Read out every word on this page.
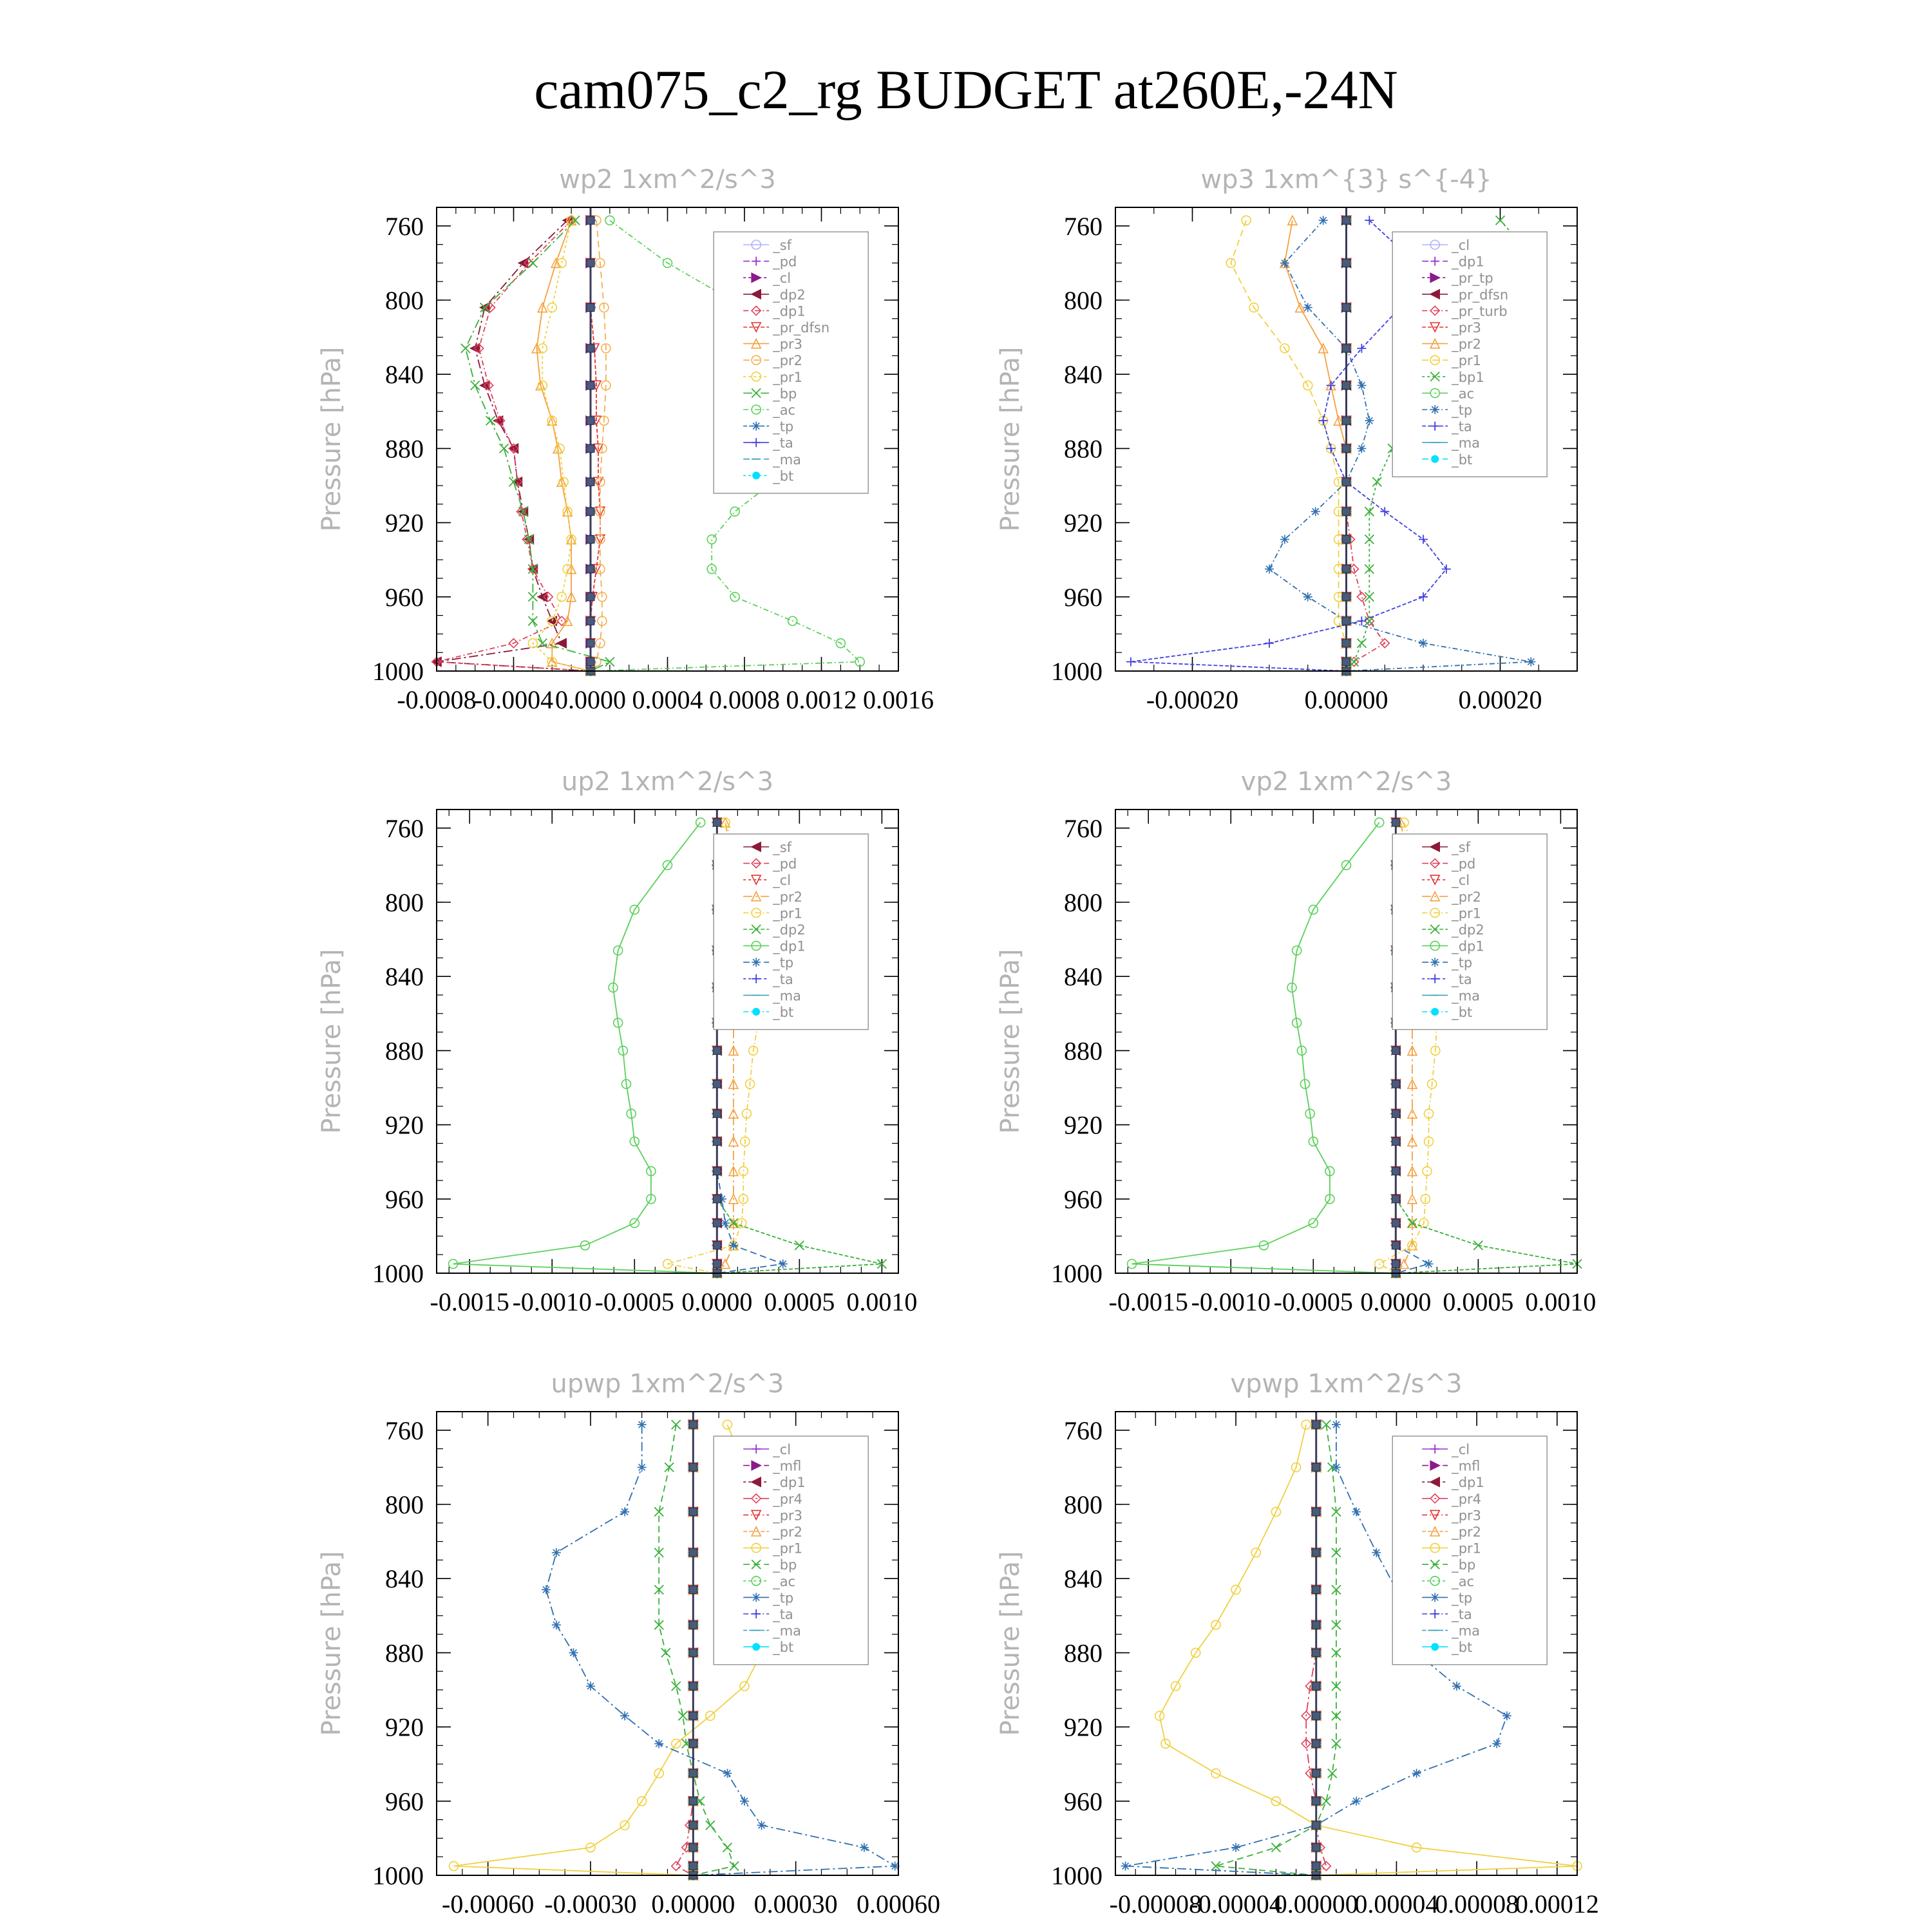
cam075_c2_rg BUDGET at260E,-24N
wp2 1xm^2/s^3
Pressure [hPa]
760
800
840
880
920
960
1000
-0.0008
-0.0004 0.0000 0.0004 0.0008 0.0012 0.0016
_sf
_pd
_cl
_dp2
_dp1
_pr_dfsn
_pr3
_pr2
_pr1
_bp
_ac
_tp
_ta
_ma
_bt
wp3 1xm^{3} s^{-4}
Pressure [hPa]
760
800
840
880
920
960
1000
-0.00020	0.00000	0.00020
_cl
_dp1
_pr_tp
_pr_dfsn
_pr_turb
_pr3
_pr2
_pr1
_bp1
_ac
_tp
_ta
_ma
_bt
up2 1xm^2/s^3
Pressure [hPa]
760
800
840
880
920
960
1000
-0.0015 -0.0010 -0.0005 0.0000 0.0005 0.0010
_sf
_pd
_cl
_pr2
_pr1
_dp2
_dp1
_tp
_ta
_ma
_bt
vp2 1xm^2/s^3
Pressure [hPa]
760
800
840
880
920
960
1000
-0.0015 -0.0010 -0.0005 0.0000 0.0005 0.0010
_sf
_pd
_cl
_pr2
_pr1
_dp2
_dp1
_tp
_ta
_ma
_bt
upwp 1xm^2/s^3
Pressure [hPa]
760
800
840
880
920
960
1000
-0.00060 -0.00030 0.00000 0.00030 0.00060
_cl
_mfl
_dp1
_pr4
_pr3
_pr2
_pr1
_bp
_ac
_tp
_ta
_ma
_bt
vpwp 1xm^2/s^3
Pressure [hPa]
760
800
840
880
920
960
1000
-0.00008
-0.00004
0.00000
0.00004
0.00008
0.00012
_cl
_mfl
_dp1
_pr4
_pr3
_pr2
_pr1
_bp
_ac
_tp
_ta
_ma
_bt
